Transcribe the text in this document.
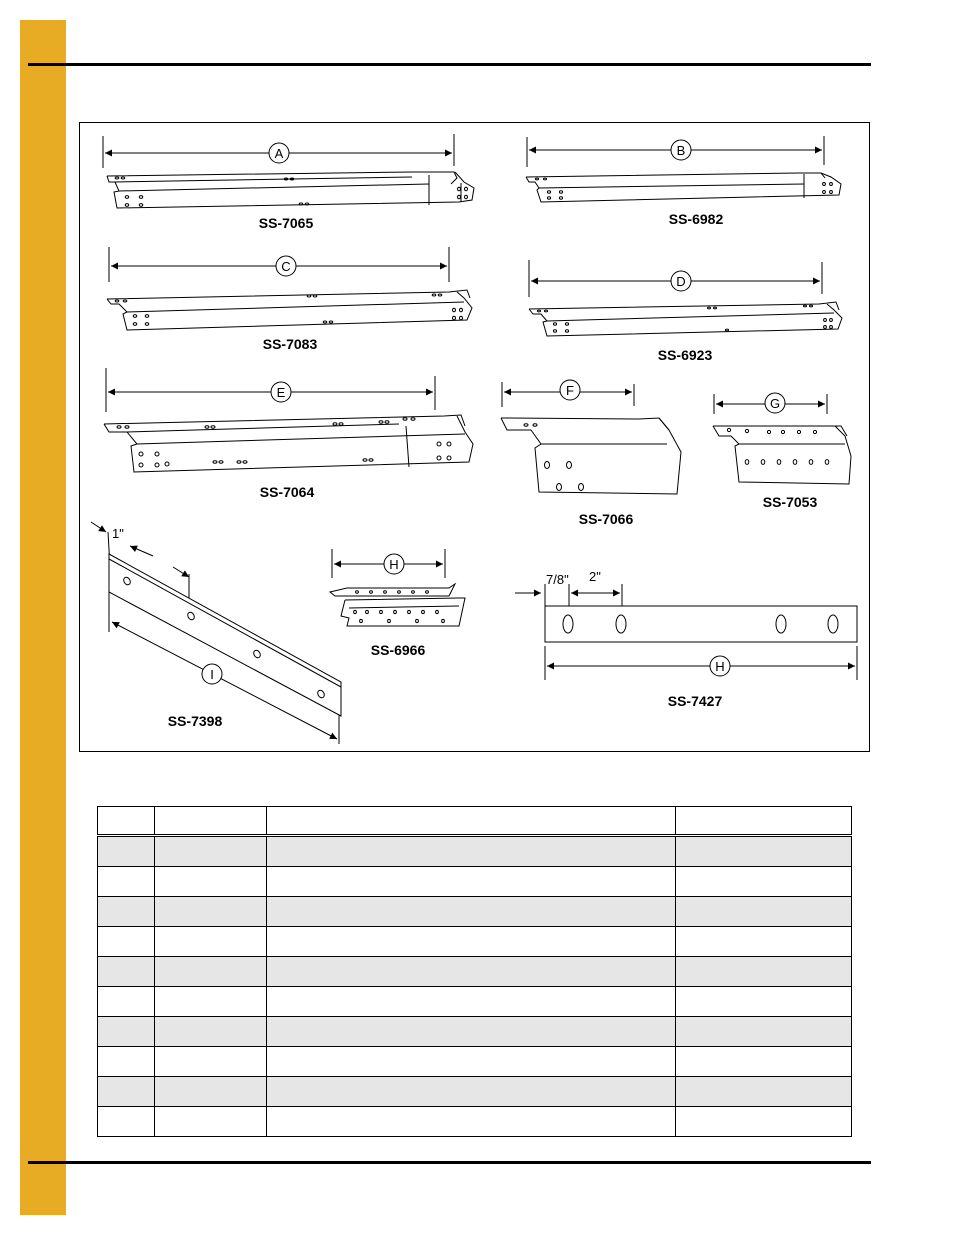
A
SS-7065
B
SS-6982
C
SS-7083
D
SS-6923
E
SS-7064
F
SS-7066
G
SS-7053
1"
I
SS-7398
H
SS-6966
7/8" 2"
H
SS-7427
